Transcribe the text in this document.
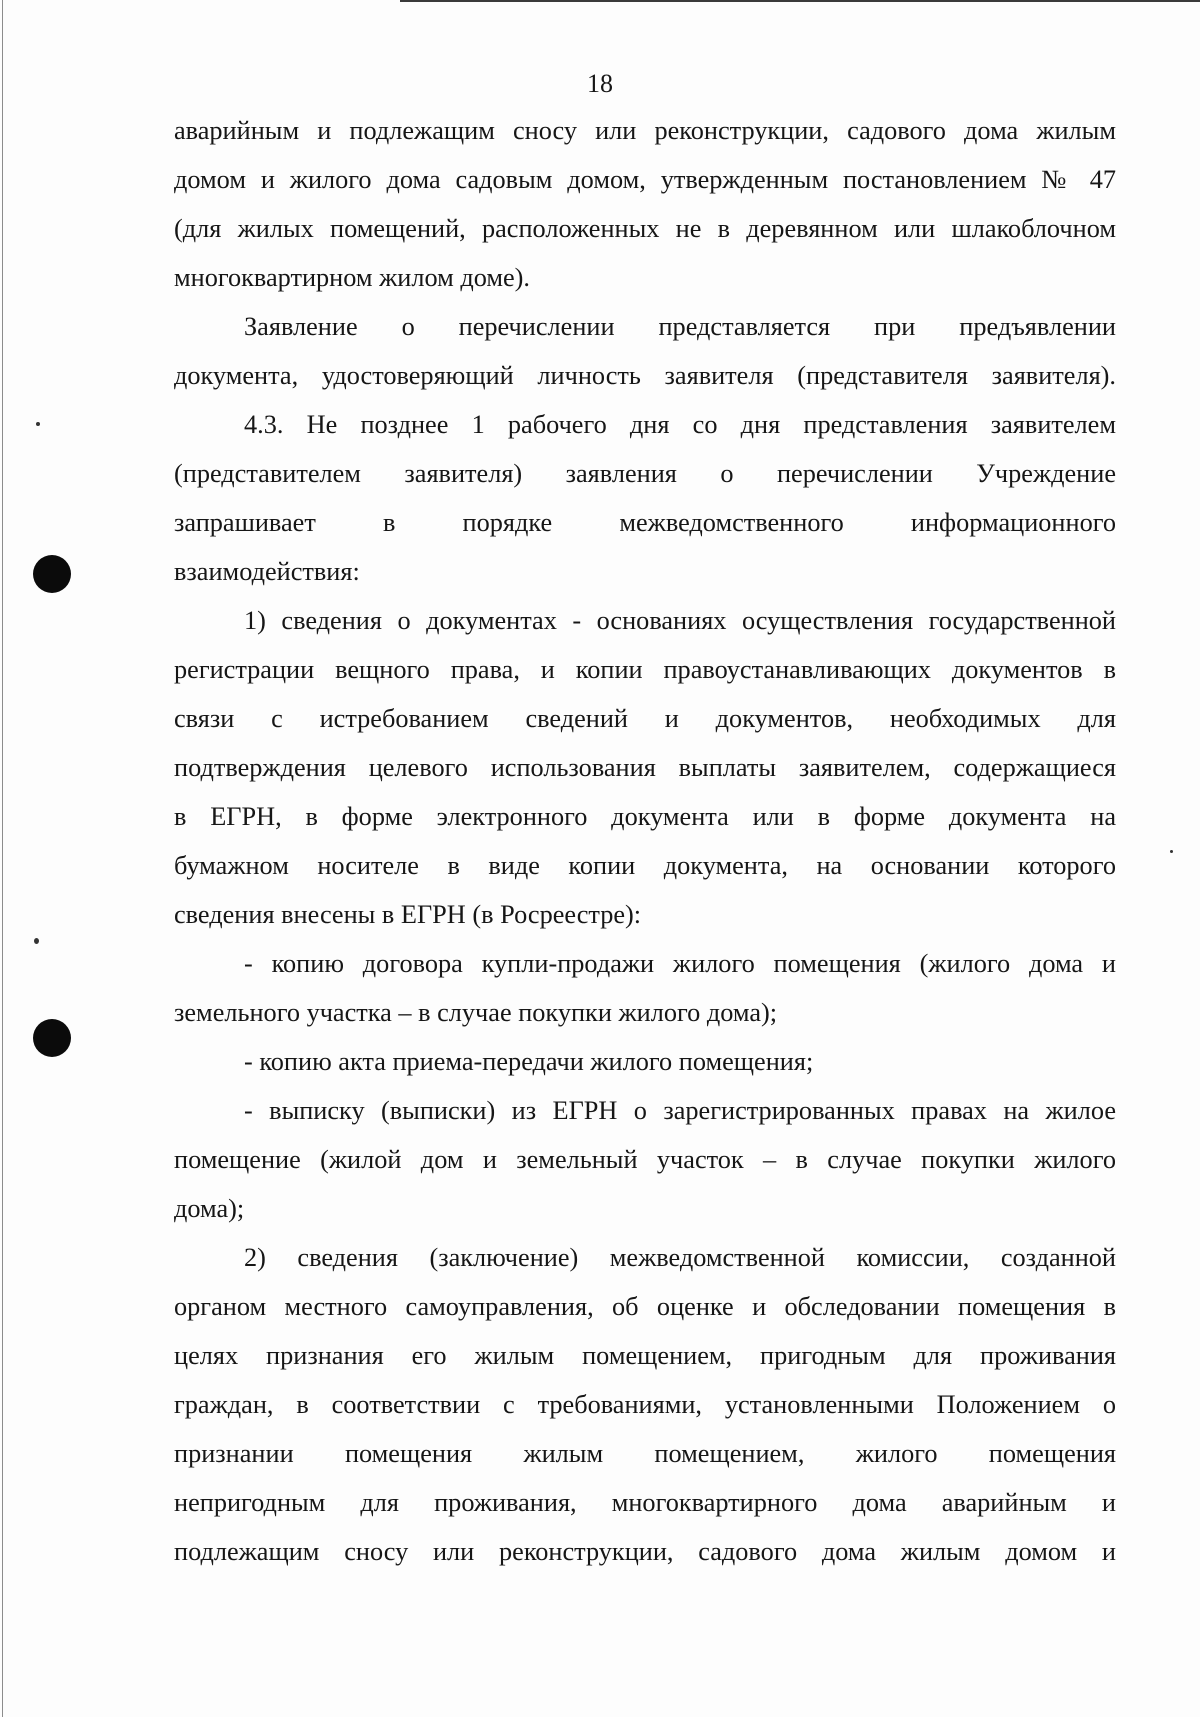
18
аварийным и подлежащим сносу или реконструкции, садового дома жилым
домом и жилого дома садовым домом, утвержденным постановлением № 47
(для жилых помещений, расположенных не в деревянном или шлакоблочном
многоквартирном жилом доме).
Заявление о перечислении представляется при предъявлении
документа, удостоверяющий личность заявителя (представителя заявителя).
4.3. Не позднее 1 рабочего дня со дня представления заявителем
(представителем заявителя) заявления о перечислении Учреждение
запрашивает в порядке межведомственного информационного
взаимодействия:
1) сведения о документах - основаниях осуществления государственной
регистрации вещного права, и копии правоустанавливающих документов в
связи с истребованием сведений и документов, необходимых для
подтверждения целевого использования выплаты заявителем, содержащиеся
в ЕГРН, в форме электронного документа или в форме документа на
бумажном носителе в виде копии документа, на основании которого
сведения внесены в ЕГРН (в Росреестре):
- копию договора купли-продажи жилого помещения (жилого дома и
земельного участка – в случае покупки жилого дома);
- копию акта приема-передачи жилого помещения;
- выписку (выписки) из ЕГРН о зарегистрированных правах на жилое
помещение (жилой дом и земельный участок – в случае покупки жилого
дома);
2) сведения (заключение) межведомственной комиссии, созданной
органом местного самоуправления, об оценке и обследовании помещения в
целях признания его жилым помещением, пригодным для проживания
граждан, в соответствии с требованиями, установленными Положением о
признании помещения жилым помещением, жилого помещения
непригодным для проживания, многоквартирного дома аварийным и
подлежащим сносу или реконструкции, садового дома жилым домом и
